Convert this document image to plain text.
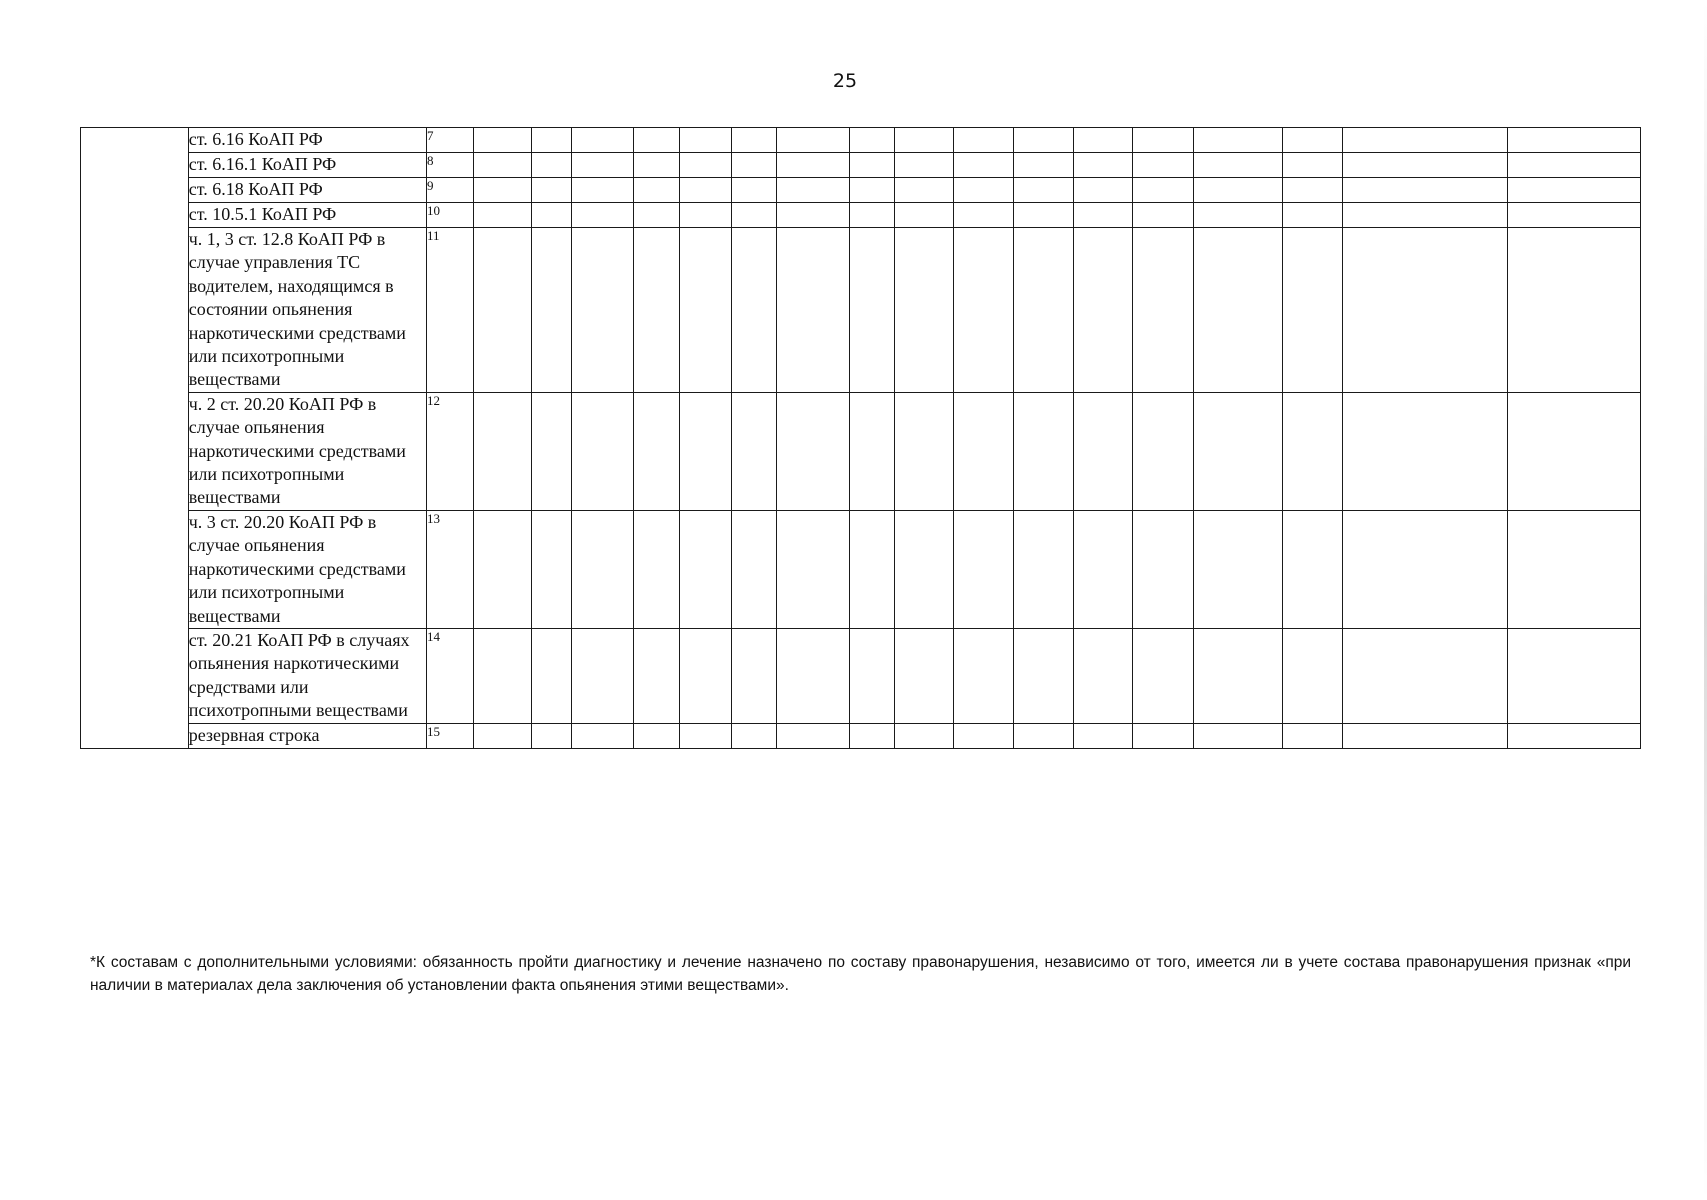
25
	ст. 6.16 КоАП РФ	7																	
	ст. 6.16.1 КоАП РФ	8																	
	ст. 6.18 КоАП РФ	9																	
	ст. 10.5.1 КоАП РФ	10																	
	ч. 1, 3 ст. 12.8 КоАП РФ в случае управления ТС водителем, находящимся в состоянии опьянения наркотическими средствами или психотропными веществами	11																	
	ч. 2 ст. 20.20 КоАП РФ в случае опьянения наркотическими средствами или психотропными веществами	12																	
	ч. 3 ст. 20.20 КоАП РФ в случае опьянения наркотическими средствами или психотропными веществами	13																	
	ст. 20.21 КоАП РФ в случаях опьянения наркотическими средствами или психотропными веществами	14																	
	резервная строка	15																	
*К составам с дополнительными условиями: обязанность пройти диагностику и лечение назначено по составу правонарушения, независимо от того, имеется ли в учете состава правонарушения признак «при наличии в материалах дела заключения об установлении факта опьянения этими веществами».
